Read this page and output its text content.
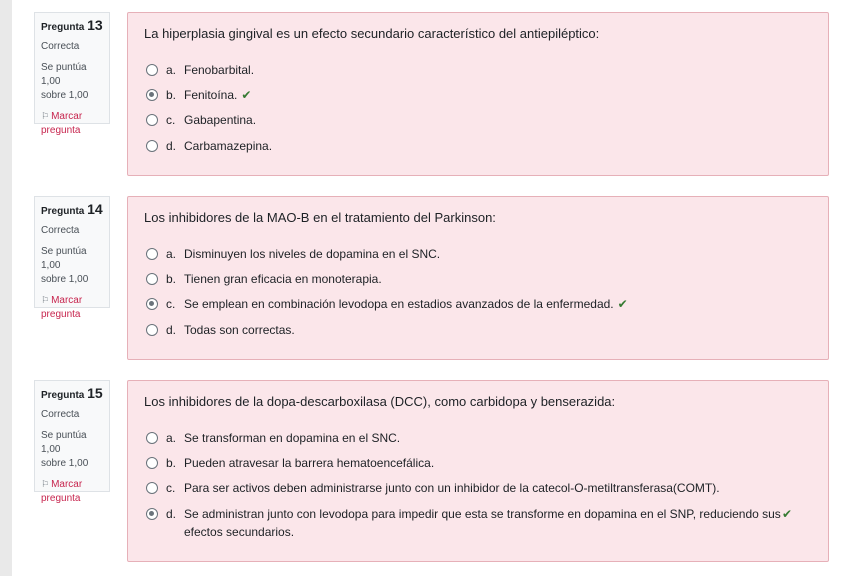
Pregunta 13
Correcta
Se puntúa 1,00
sobre 1,00
⚐ Marcar
pregunta
La hiperplasia gingival es un efecto secundario característico del antiepiléptico:
a. Fenobarbital.
b. Fenitoína. ✔
c. Gabapentina.
d. Carbamazepina.
Pregunta 14
Correcta
Se puntúa 1,00
sobre 1,00
⚐ Marcar
pregunta
Los inhibidores de la MAO-B en el tratamiento del Parkinson:
a. Disminuyen los niveles de dopamina en el SNC.
b. Tienen gran eficacia en monoterapia.
c. Se emplean en combinación levodopa en estadios avanzados de la enfermedad. ✔
d. Todas son correctas.
Pregunta 15
Correcta
Se puntúa 1,00
sobre 1,00
⚐ Marcar
pregunta
Los inhibidores de la dopa-descarboxilasa (DCC), como carbidopa y benserazida:
a. Se transforman en dopamina en el SNC.
b. Pueden atravesar la barrera hematoencefálica.
c. Para ser activos deben administrarse junto con un inhibidor de la catecol-O-metiltransferasa(COMT).
d. Se administran junto con levodopa para impedir que esta se transforme en dopamina en el SNP, reduciendo sus
efectos secundarios.
✔
